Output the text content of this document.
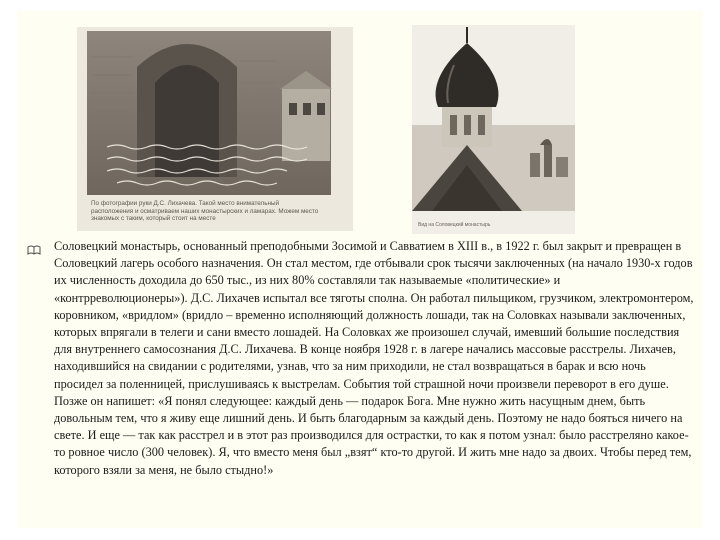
По фотографии руки Д.С. Лихачева. Такой место внимательный расположения и осматриваем наших монастырских и ламарах. Можем место знакомых с таким, который стоит на месте
Вид на Соловецкий монастырь

Соловецкий монастырь, основанный преподобными Зосимой и Савватием в XIII в., в 1922 г. был закрыт и превращен в Соловецкий лагерь особого назначения. Он стал местом, где отбывали срок тысячи заключенных (на начало 1930-х годов их численность доходила до 650 тыс., из них 80% составляли так называемые «политические» и «контрреволюционеры»). Д.С. Лихачев испытал все тяготы сполна. Он работал пильщиком, грузчиком, электромонтером, коровником, «вридлом» (вридло – временно исполняющий должность лошади, так на Соловках называли заключенных, которых впрягали в телеги и сани вместо лошадей. На Соловках же произошел случай, имевший большие последствия для внутреннего самосознания Д.С. Лихачева. В конце ноября 1928 г. в лагере начались массовые расстрелы. Лихачев, находившийся на свидании с родителями, узнав, что за ним приходили, не стал возвращаться в барак и всю ночь просидел за поленницей, прислушиваясь к выстрелам. События той страшной ночи произвели переворот в его душе. Позже он напишет: «Я понял следующее: каждый день — подарок Бога. Мне нужно жить насущным днем, быть довольным тем, что я живу еще лишний день. И быть благодарным за каждый день. Поэтому не надо бояться ничего на свете. И еще — так как расстрел и в этот раз производился для острастки, то как я потом узнал: было расстреляно какое-то ровное число (300 человек). Я, что вместо меня был „взят“ кто-то другой. И жить мне надо за двоих. Чтобы перед тем, которого взяли за меня, не было стыдно!»
